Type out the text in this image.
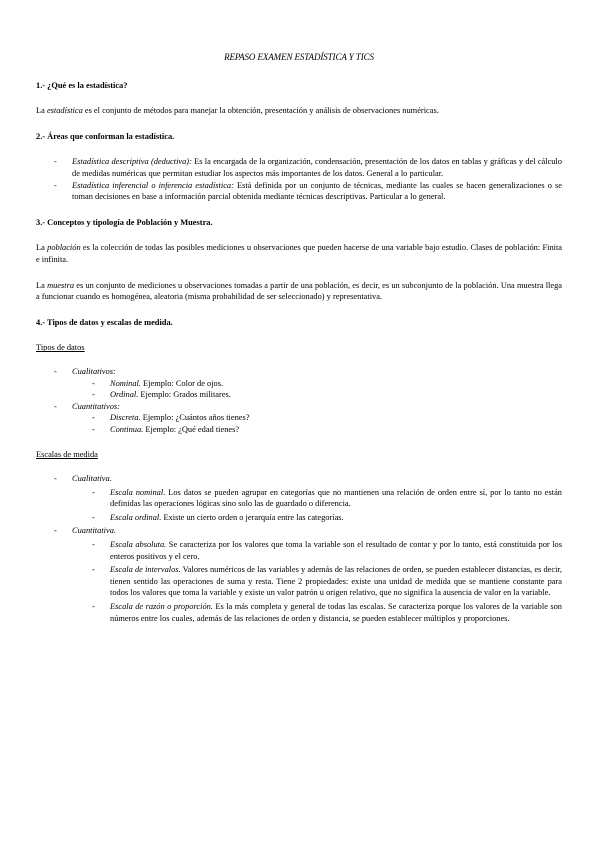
REPASO EXAMEN ESTADÍSTICA Y TICS
1.- ¿Qué es la estadística?

La estadística es el conjunto de métodos para manejar la obtención, presentación y análisis de observaciones numéricas.

2.- Áreas que conforman la estadística.
- Estadística descriptiva (deductiva): Es la encargada de la organización, condensación, presentación de los datos en tablas y gráficas y del cálculo de medidas numéricas que permitan estudiar los aspectos más importantes de los datos. General a lo particular.
- Estadística inferencial o inferencia estadística: Está definida por un conjunto de técnicas, mediante las cuales se hacen generalizaciones o se toman decisiones en base a información parcial obtenida mediante técnicas descriptivas. Particular a lo general.
3.- Conceptos y tipología de Población y Muestra.

La población es la colección de todas las posibles mediciones u observaciones que pueden hacerse de una variable bajo estudio. Clases de población: Finita e infinita.

La muestra es un conjunto de mediciones u observaciones tomadas a partir de una población, es decir, es un subconjunto de la población. Una muestra llega a funcionar cuando es homogénea, aleatoria (misma probabilidad de ser seleccionado) y representativa.

4.- Tipos de datos y escalas de medida.
Tipos de datos
- Cualitativos:
- Nominal. Ejemplo: Color de ojos.
- Ordinal. Ejemplo: Grados militares.
- Cuantitativos:
- Discreta. Ejemplo: ¿Cuántos años tienes?
- Continua. Ejemplo: ¿Qué edad tienes?
Escalas de medida
- Cualitativa.
- Escala nominal. Los datos se pueden agrupar en categorías que no mantienen una relación de orden entre sí, por lo tanto no están definidas las operaciones lógicas sino solo las de guardado o diferencia.
- Escala ordinal. Existe un cierto orden o jerarquía entre las categorías.
- Cuantitativa.
- Escala absoluta. Se caracteriza por los valores que toma la variable son el resultado de contar y por lo tanto, está constituida por los enteros positivos y el cero.
- Escala de intervalos. Valores numéricos de las variables y además de las relaciones de orden, se pueden establecer distancias, es decir, tienen sentido las operaciones de suma y resta. Tiene 2 propiedades: existe una unidad de medida que se mantiene constante para todos los valores que toma la variable y existe un valor patrón u origen relativo, que no significa la ausencia de valor en la variable.
- Escala de razón o proporción. Es la más completa y general de todas las escalas. Se caracteriza porque los valores de la variable son números entre los cuales, además de las relaciones de orden y distancia, se pueden establecer múltiplos y proporciones.
